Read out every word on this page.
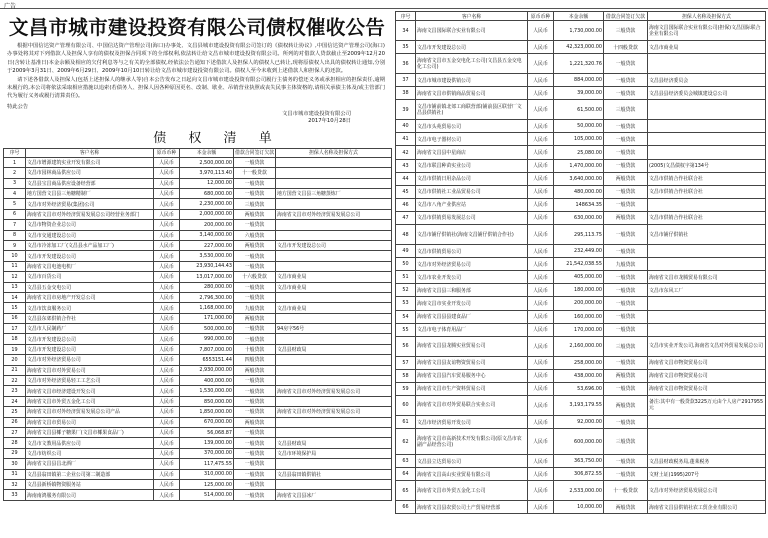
广告
文昌市城市建设投资有限公司债权催收公告

根据中国信达资产管理有限公司、中国信达资产管理公司(海口)办事处、文昌县城市建设投资有限公司签订的《债权转让协议》,中国信达资产管理公司(海口)办事处将其对下列借款人及担保人享有的债权及担保合同项下的全部权利,依法转让给文昌市城市建设投资有限公司。所列的对借款人贷款截止至2009年12月20日(含转让基准日)本金余额及相应的欠付利息等与之有关的全部债权,经依法公告通知下述借款人及担保人的债权人已转让,现将原债权人出具的债权转让通知,分别于2009年3月31日、2009年6月29日、2009年10月10日转让给文昌市城市建设投资有限公司。债权人至今未收到上述借款人和担保人的还款。

请下述各借款人及担保人(包括上述担保人的继承人等)自本公告发布之日起向文昌市城市建设投资有限公司履行主债务的偿还义务或承担相应的担保责任,逾期未履行的,本公司将依法采取相应措施以追索(若债务人、担保人因各种原因更名、改制、歇业、吊销营业执照或丧失民事主体资格的,请相关承债主体及/或主管部门代为履行义务或履行清算责任)。

特此公告
文昌市城市建设投资有限公司
2017年10月28日
债 权 清 单
序号	客户名称	原币币种	本金余额	借款合同签订欠款	担保人名称及担保方式
1	文昌市增源建筑实业开发有限公司	人民币	2,500,000.00	一般贷款	
2	文昌市园林商品供应公司	人民币	3,970,113.40	十一般贷款	
3	文昌县宝昌商品供应设备经营部	人民币	12,000.00	一般贷款	
4	地方国营文昌县三角糖精制厂	人民币	680,000.00	一般贷款	地方国营文昌县三角糖蒸炼厂
5	文昌市对外经济贸易(集团)公司	人民币	2,230,000.00	三般贷款	
6	海南省文昌市对外经济贸易发展总公司经营业务部门	人民币	2,000,000.00	两般贷款	海南省文昌市对外经济贸易发展总公司
7	文昌市物资企业总公司	人民币	200,000.00	一般贷款	
8	文昌市交通建设总公司	人民币	3,140,000.00	六般贷款	
9	文昌市冷冻加工厂(文昌县水产品加工厂)	人民币	227,000.00	两般贷款	文昌市开发建设总公司
10	文昌市开发建设总公司	人民币	3,530,000.00	一般贷款	
11	海南省文昌电池电机厂	人民币	23,930,144.43	一般贷款	
12	文昌市百货公司	人民币	13,017,000.00	十六般贷款	文昌市商业局
13	文昌县五金交电公司	人民币	280,000.00	一般贷款	文昌市商业局
14	海南省文昌市房地产开发总公司	人民币	2,796,300.00	一般贷款	
15	文昌市饮食服务公司	人民币	1,168,000.00	九般贷款	文昌市商业局
16	文昌县东郊供销合作社	人民币	171,000.00	两般贷款	
17	文昌市人民制药厂	人民币	500,000.00	一般贷款	94房字56号
18	文昌市开发建设总公司	人民币	990,000.00	一般贷款	
19	文昌市开发建设总公司	人民币	7,807,000.00	十般贷款	文昌县财政局
20	文昌市对外经济贸易公司	人民币	6553151.44	四般贷款	
21	海南省文昌市对外贸易公司	人民币	2,930,000.00	两般贷款	
22	文昌市对外经济贸易轻工工艺公司	人民币	400,000.00	一般贷款	
23	海南省文昌市经济建设开发公司	人民币	1,530,000.00	一般贷款	海南省文昌市对外经济贸易发展总公司
24	海南省文昌市外贸五金化工公司	人民币	850,000.00	一般贷款	
25	海南省文昌市对外经济贸易发展总公司产品	人民币	1,850,000.00	一般贷款	海南省文昌市对外经济贸易发展总公司
26	海南省文昌市贸易公司	人民币	670,000.00	两般贷款	
27	海南省文昌县椰子糖果厂(文昌市椰果食品厂)	人民币	56,068.87	一般贷款	
28	文昌市文教用品供应公司	人民币	139,000.00	一般贷款	文昌县财政局
29	文昌市纺织公司	人民币	370,000.00	一般贷款	文昌市环境保护局
30	海南省文昌县昌北酒厂	人民币	117,475.55	一般贷款	
31	文昌县翁田镇第二企业公司第二制造部	人民币	310,000.00	一般贷款	文昌县翁田镇供销社
32	文昌县新桥镇物资服务站	人民币	125,000.00	一般贷款	
33	海南南鸿服务有限公司	人民币	514,000.00	一般贷款	海南省文昌县冰厂
序号	客户名称	原币币种	本金余额	借款合同签订欠款	担保人名称及担保方式
34	海南文昌国际联合实业有限公司	人民币	1,730,000.00	三般贷款	海南文昌国际联合实业有限公司(担保)文昌国际联合企业有限公司
35	文昌市开发建设总公司	人民币	42,323,000.00	十四般贷款	文昌市商业局
36	海南省文昌市五金交电化工公司(文昌县五金交电化工公司)	人民币	1,221,320.76	一般贷款	
37	文昌市城市建设供销公司	人民币	884,000.00	一般贷款	文昌县经济委员会
38	海南省文昌市供销商品贸易公司	人民币	39,000.00	一般贷款	文昌县县经济委员会城镇建设总公司
39	文昌市铺前镇北郊工商联营部(铺前县区联营厂文昌县供销社)	人民币	61,500.00	三般贷款	
40	文昌市头苑贸易公司	人民币	50,000.00	一般贷款	
41	文昌市电子器材公司	人民币	105,000.00	一般贷款	
42	海南省文昌县中星商店	人民币	25,080.00	一般贷款	
43	文昌市联昌种苗实业公司	人民币	1,470,000.00	一般贷款	(2005)文昌债权字第134号
44	文昌市供销日用杂品公司	人民币	3,640,000.00	两般贷款	文昌市供销合作社联合社
45	文昌市供销社工业品贸易公司	人民币	480,000.00	一般贷款	文昌市供销合作社联合社
46	文昌市八角产业供应站	人民币	148634.35	一般贷款	
47	文昌市供销贸易发展总公司	人民币	630,000.00	两般贷款	文昌市供销合作社联合社
48	文昌市铺仔供销社(海南文昌铺仔供销合作社)	人民币	295,113.75	一般贷款	文昌市铺仔供销社
49	文昌市供销贸易公司	人民币	232,449.00	一般贷款	
50	文昌市对外经济贸易公司	人民币	21,542,038.55	九般贷款	
51	文昌市农业开发公司	人民币	405,000.00	一般贷款	海南省文昌市龙腾贸易有限公司
52	海南省文昌县三和服务部	人民币	180,000.00	一般贷款	文昌市东风工厂
53	海南文昌市实业开发公司	人民币	200,000.00	一般贷款	
54	海南省文昌县县建食品厂	人民币	160,000.00	一般贷款	
55	文昌市电子体育用品厂	人民币	170,000.00	一般贷款	
56	海南省文昌县龙腾实业贸易公司	人民币	2,160,000.00	三般贷款	文昌市实业开发公司,海南省文昌对外贸易发展总公司
57	海南省文昌县友谊物资贸易公司	人民币	258,000.00	一般贷款	海南省文昌市物资贸易公司
58	海南省文昌县汽车贸易服务中心	人民币	438,000.00	两般贷款	海南省文昌市物资贸易公司
59	海南省文昌市生产资料贸易公司	人民币	53,696.00	一般贷款	海南省文昌市物资贸易公司
60	海南省文昌市对外贸易联合实业公司	人民币	3,193,179.55	两般贷款	备注:其中有一般贷款3225万元由个人房产2917955元
61	文昌市经济贸易开发公司	人民币	92,000.00	一般贷款	
62	海南省文昌市高新技术开发有限公司(原文昌市农副产品经营公司)	人民币	600,000.00	三般贷款	
63	文昌县立达贸易公司	人民币	363,750.00	一般贷款	文昌县财政税务局,蓬莱税务
64	海南省文昌高山实业贸易有限公司	人民币	306,872.55	一般贷款	文财土证(1995)207号
65	海南省文昌市外贸五金化工公司	人民币	2,533,000.00	十一般贷款	文昌市对外经济贸易发展总公司
66	海南省文昌县农贸公司土产贸易经营部	人民币	10,000.00	两般贷款	海南省文昌县供销社农工贸企业有限公司
